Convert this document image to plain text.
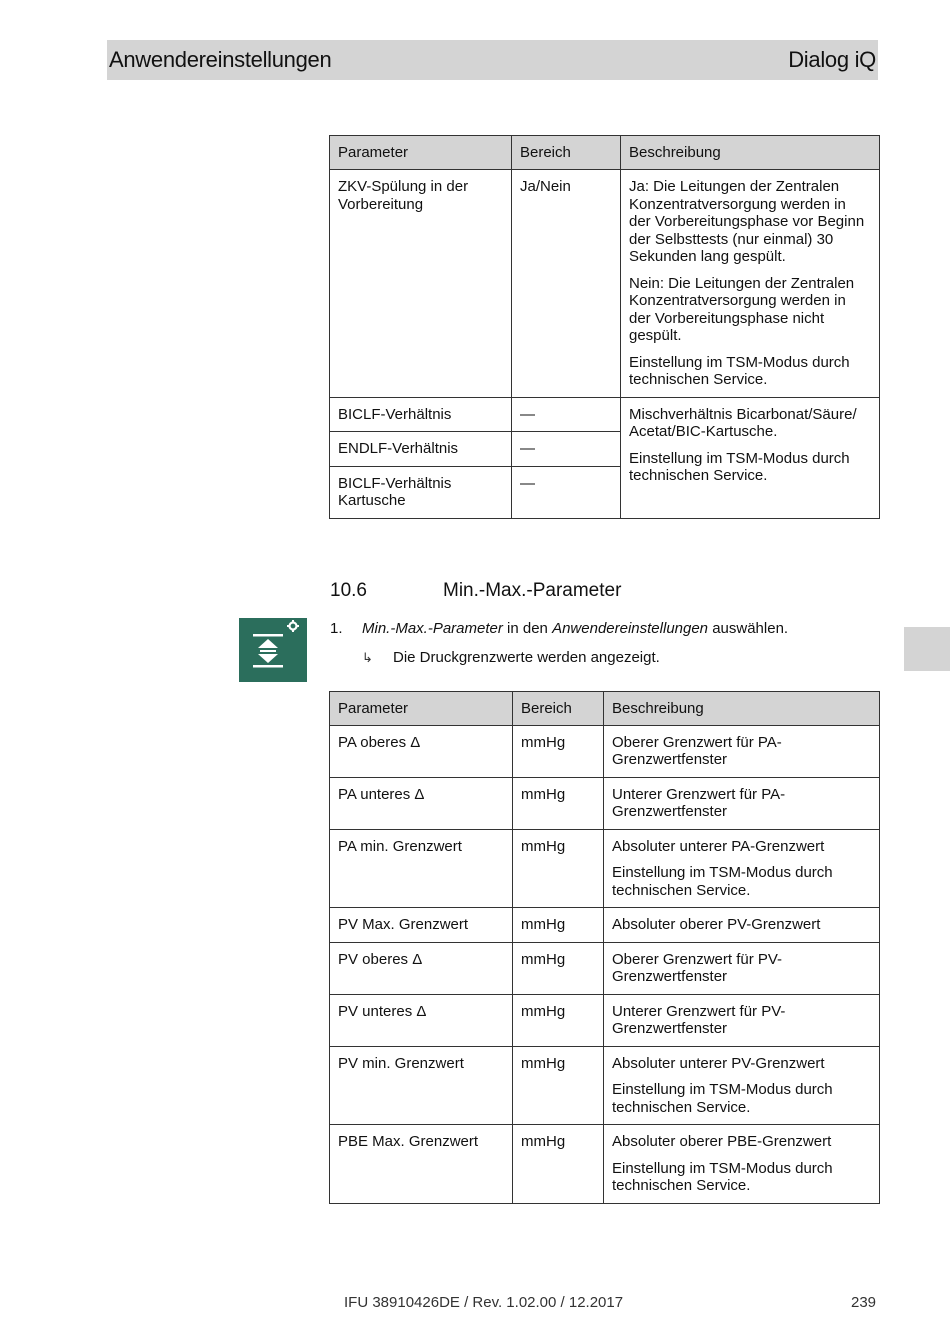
Anwendereinstellungen	Dialog iQ
Parameter	Bereich	Beschreibung
ZKV-Spülung in der Vorbereitung	Ja/Nein	Ja: Die Leitungen der Zentralen Konzentratversorgung werden in der Vorbereitungsphase vor Beginn der Selbsttests (nur einmal) 30 Sekunden lang gespült.

Nein: Die Leitungen der Zentralen Konzentratversorgung werden in der Vorbereitungsphase nicht gespült.

Einstellung im TSM-Modus durch technischen Service.

BICLF-Verhältnis	—	Mischverhältnis Bicarbonat/Säure/ Acetat/BIC-Kartusche.

Einstellung im TSM-Modus durch technischen Service.

ENDLF-Verhältnis	—	
BICLF-Verhältnis Kartusche	—	
10.6	Min.-Max.-Parameter
1.	Min.-Max.-Parameter in den Anwendereinstellungen auswählen.
↳	Die Druckgrenzwerte werden angezeigt.
Parameter	Bereich	Beschreibung
PA oberes Δ	mmHg	Oberer Grenzwert für PA-Grenzwertfenster

PA unteres Δ	mmHg	Unterer Grenzwert für PA-Grenzwertfenster

PA min. Grenzwert	mmHg	Absoluter unterer PA-Grenzwert

Einstellung im TSM-Modus durch technischen Service.

PV Max. Grenzwert	mmHg	Absoluter oberer PV-Grenzwert

PV oberes Δ	mmHg	Oberer Grenzwert für PV-Grenzwertfenster

PV unteres Δ	mmHg	Unterer Grenzwert für PV-Grenzwertfenster

PV min. Grenzwert	mmHg	Absoluter unterer PV-Grenzwert

Einstellung im TSM-Modus durch technischen Service.

PBE Max. Grenzwert	mmHg	Absoluter oberer PBE-Grenzwert

Einstellung im TSM-Modus durch technischen Service.

IFU 38910426DE / Rev. 1.02.00 / 12.2017	239
